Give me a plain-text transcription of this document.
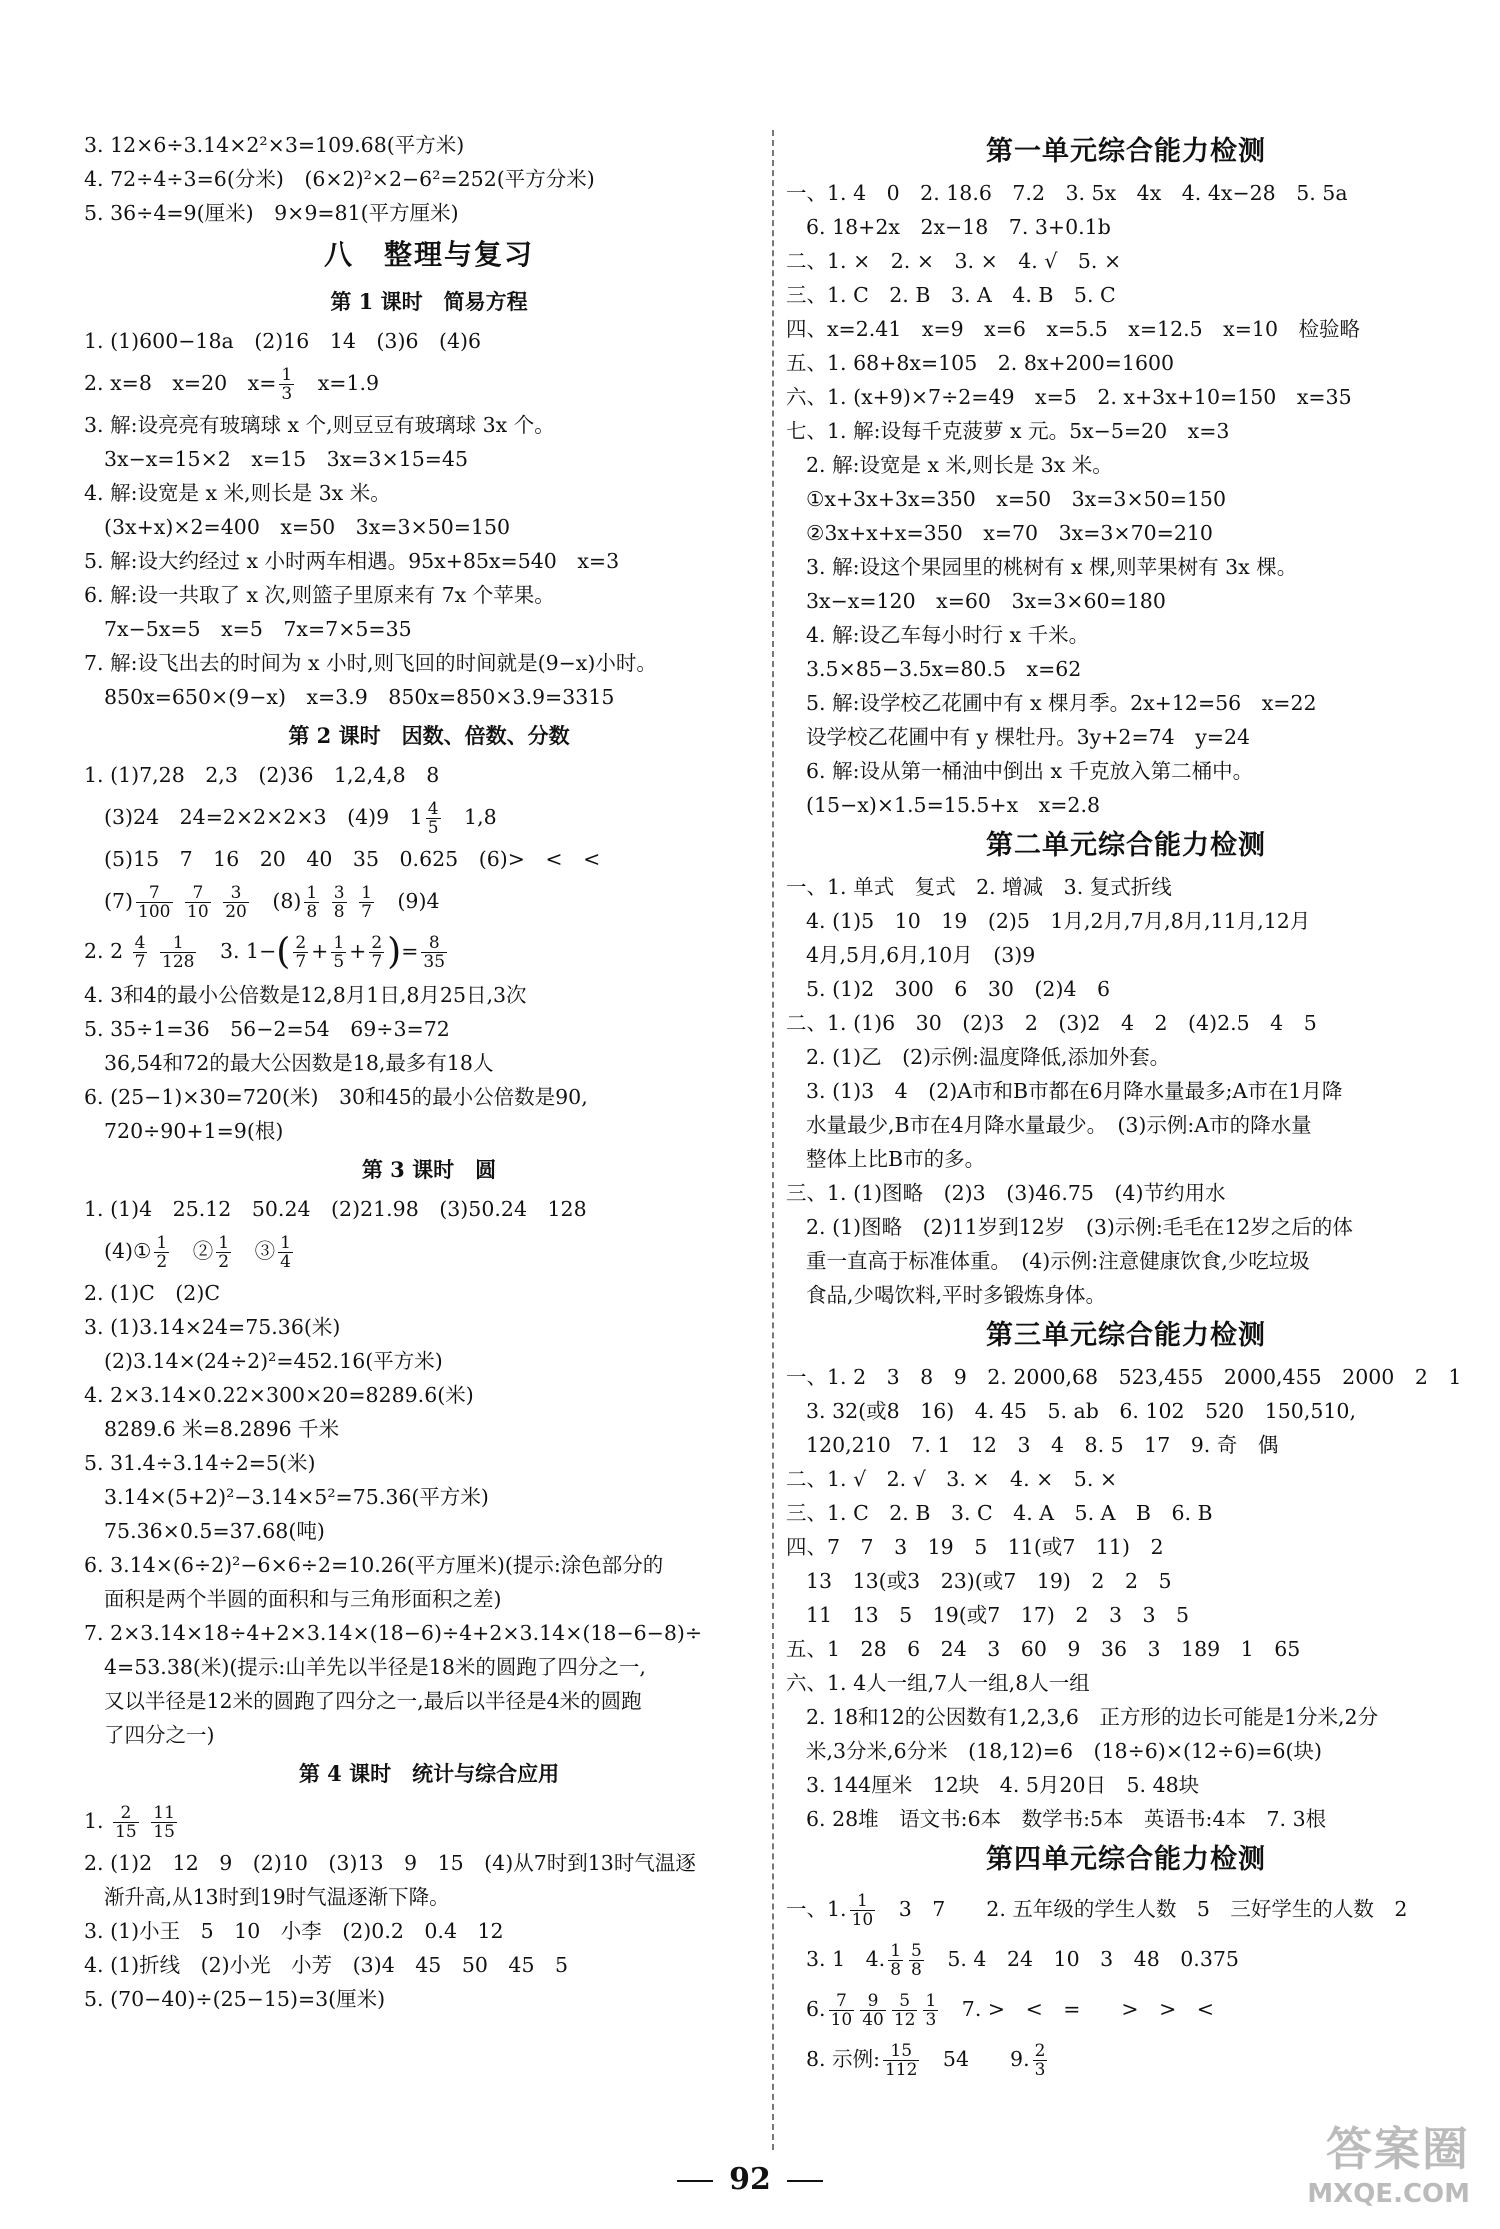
3. 12×6÷3.14×2²×3=109.68(平方米)
4. 72÷4÷3=6(分米)　(6×2)²×2−6²=252(平方分米)
5. 36÷4=9(厘米)　9×9=81(平方厘米)
八　整理与复习
第 1 课时　简易方程
1. (1)600−18a　(2)16　14　(3)6　(4)6
2. x=8　x=20　$x= \frac{1}{3}$ 　x=1.9
3. 解:设亮亮有玻璃球 x 个,则豆豆有玻璃球 3x 个。
3x−x=15×2　x=15　3x=3×15=45
4. 解:设宽是 x 米,则长是 3x 米。
(3x+x)×2=400　x=50　3x=3×50=150
5. 解:设大约经过 x 小时两车相遇。95x+85x=540　x=3
6. 解:设一共取了 x 次,则篮子里原来有 7x 个苹果。
7x−5x=5　x=5　7x=7×5=35
7. 解:设飞出去的时间为 x 小时,则飞回的时间就是(9−x)小时。
850x=650×(9−x)　x=3.9　850x=850×3.9=3315
第 2 课时　因数、倍数、分数
1. (1)7,28　2,3　(2)36　1,2,4,8　8
(3)24　24=2×2×2×3　(4)9　$1 \frac{4}{5}$ 　1,8
(5)15　7　16　20　40　35　0.625　(6)>　<　<
$(7) \frac{7}{100}$
$\frac{7}{10}$
$\frac{3}{20}$ 　$(8) \frac{1}{8}$
$\frac{3}{8}$
$\frac{1}{7}$ 　(9)4
2. $2 \frac{4}{7}$
$\frac{1}{128}$ 　3. $1-( \frac{2}{7} + \frac{1}{5} + \frac{2}{7}$ )= $\frac{8}{35}$
4. 3和4的最小公倍数是12,8月1日,8月25日,3次
5. 35÷1=36　56−2=54　69÷3=72
36,54和72的最大公因数是18,最多有18人
6. (25−1)×30=720(米)　30和45的最小公倍数是90,
720÷90+1=9(根)
第 3 课时　圆
1. (1)4　25.12　50.24　(2)21.98　(3)50.24　128
(4)① $\frac{1}{2}$ 　② $\frac{1}{2}$ 　③ $\frac{1}{4}$
2. (1)C　(2)C
3. (1)3.14×24=75.36(米)
(2)3.14×(24÷2)²=452.16(平方米)
4. 2×3.14×0.22×300×20=8289.6(米)
8289.6 米=8.2896 千米
5. 31.4÷3.14÷2=5(米)
3.14×(5+2)²−3.14×5²=75.36(平方米)
75.36×0.5=37.68(吨)
6. 3.14×(6÷2)²−6×6÷2=10.26(平方厘米)(提示:涂色部分的
面积是两个半圆的面积和与三角形面积之差)
7. 2×3.14×18÷4+2×3.14×(18−6)÷4+2×3.14×(18−6−8)÷
4=53.38(米)(提示:山羊先以半径是18米的圆跑了四分之一,
又以半径是12米的圆跑了四分之一,最后以半径是4米的圆跑
了四分之一)
第 4 课时　统计与综合应用
1. $\frac{2}{15}$
$\frac{11}{15}$
2. (1)2　12　9　(2)10　(3)13　9　15　(4)从7时到13时气温逐
渐升高,从13时到19时气温逐渐下降。
3. (1)小王　5　10　小李　(2)0.2　0.4　12
4. (1)折线　(2)小光　小芳　(3)4　45　50　45　5
5. (70−40)÷(25−15)=3(厘米)
第一单元综合能力检测
一、1. 4　0　2. 18.6　7.2　3. 5x　4x　4. 4x−28　5. 5a
6. 18+2x　2x−18　7. 3+0.1b
二、1. ×　2. ×　3. ×　4. √　5. ×
三、1. C　2. B　3. A　4. B　5. C
四、x=2.41　x=9　x=6　x=5.5　x=12.5　x=10　检验略
五、1. 68+8x=105　2. 8x+200=1600
六、1. (x+9)×7÷2=49　x=5　2. x+3x+10=150　x=35
七、1. 解:设每千克菠萝 x 元。5x−5=20　x=3
2. 解:设宽是 x 米,则长是 3x 米。
①x+3x+3x=350　x=50　3x=3×50=150
②3x+x+x=350　x=70　3x=3×70=210
3. 解:设这个果园里的桃树有 x 棵,则苹果树有 3x 棵。
3x−x=120　x=60　3x=3×60=180
4. 解:设乙车每小时行 x 千米。
3.5×85−3.5x=80.5　x=62
5. 解:设学校乙花圃中有 x 棵月季。2x+12=56　x=22
设学校乙花圃中有 y 棵牡丹。3y+2=74　y=24
6. 解:设从第一桶油中倒出 x 千克放入第二桶中。
(15−x)×1.5=15.5+x　x=2.8
第二单元综合能力检测
一、1. 单式　复式　2. 增减　3. 复式折线
4. (1)5　10　19　(2)5　1月,2月,7月,8月,11月,12月
4月,5月,6月,10月　(3)9
5. (1)2　300　6　30　(2)4　6
二、1. (1)6　30　(2)3　2　(3)2　4　2　(4)2.5　4　5
2. (1)乙　(2)示例:温度降低,添加外套。
3. (1)3　4　(2)A市和B市都在6月降水量最多;A市在1月降
水量最少,B市在4月降水量最少。　(3)示例:A市的降水量
整体上比B市的多。
三、1. (1)图略　(2)3　(3)46.75　(4)节约用水
2. (1)图略　(2)11岁到12岁　(3)示例:毛毛在12岁之后的体
重一直高于标准体重。　(4)示例:注意健康饮食,少吃垃圾
食品,少喝饮料,平时多锻炼身体。
第三单元综合能力检测
一、1. 2　3　8　9　2. 2000,68　523,455　2000,455　2000　2　1
3. 32(或8　16)　4. 45　5. ab　6. 102　520　150,510,
120,210　7. 1　12　3　4　8. 5　17　9. 奇　偶
二、1. √　2. √　3. ×　4. ×　5. ×
三、1. C　2. B　3. C　4. A　5. A　B　6. B
四、7　7　3　19　5　11(或7　11)　2
13　13(或3　23)(或7　19)　2　2　5
11　13　5　19(或7　17)　2　3　3　5
五、1　28　6　24　3　60　9　36　3　189　1　65
六、1. 4人一组,7人一组,8人一组
2. 18和12的公因数有1,2,3,6　正方形的边长可能是1分米,2分
米,3分米,6分米　(18,12)=6　(18÷6)×(12÷6)=6(块)
3. 144厘米　12块　4. 5月20日　5. 48块
6. 28堆　语文书:6本　数学书:5本　英语书:4本　7. 3根
第四单元综合能力检测
一、1. $\frac{1}{10}$ 　3　7　　2. 五年级的学生人数　5　三好学生的人数　2
3. 1　4. $\frac{1}{8} \frac{5}{8}$ 　5. 4　24　10　3　48　0.375
6. $\frac{7}{10} \frac{9}{40} \frac{5}{12} \frac{1}{3}$ 　7. >　<　=　　>　>　<
8. 示例: $\frac{15}{112}$ 　54　　9. $\frac{2}{3}$
92
答案圈
MXQE.COM
